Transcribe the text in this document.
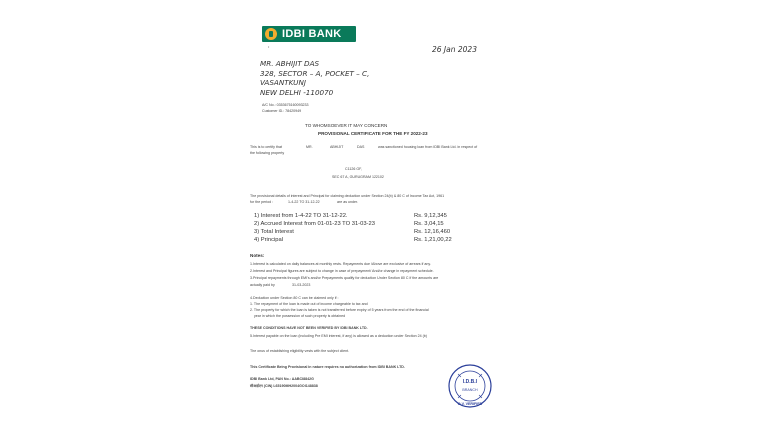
IDBI BANK
•	26 Jan 2023
MR. ABHIJIT DAS
328, SECTOR – A, POCKET – C,
VASANTKUNJ
NEW DELHI -110070
A/C No.: 0353675160093233
Customer ID.: 78420949
TO WHOMSOEVER IT MAY CONCERN
PROVISIONAL CERTIFICATE FOR THE FY 2022-23
This is to certify that	MR.	ABHIJIT	DAS	was sanctioned housing loan from IDBI Bank Ltd. in respect of
the following property
C1126 GF,
SEC 67 A, GURUGRAM 122102
The provisional details of interest and Principal for claiming deduction under Section 24(b) & 80 C of Income Tax Act, 1961
for the period :	1-4-22 TO 31-12-22	are as under.
1) Interest from 1-4-22 TO 31-12-22.	Rs. 9,12,345
2) Accrued Interest from 01-01-23 TO 31-03-23	Rs. 3,04,15
3) Total Interest	Rs. 12,16,460
4) Principal	Rs. 1,21,00,22
Notes:
1.Interest is calculated on daily balances at monthly rests. Repayments due /Above are exclusive of arrears if any.
2.Interest and Principal figures are subject to change in case of prepayment/ And/or change in repayment schedule.
3.Principal repayments through EMI's and/or Prepayments qualify for deduction Under Section 80 C if the amounts are
actually paid by	31-03-2023
4.Deduction under Section 80 C can be claimed only if :
1. The repayment of the loan is made out of income chargeable to tax and
2. The property for which the loan is taken is not transferred before expiry of 5 years from the end of the financial
year in which the possession of such property is obtained
THESE CONDITIONS HAVE NOT BEEN VERIFIED BY IDBI BANK LTD.
5.Interest payable on the loan (including Pre EMI interest, if any) is allowed as a deduction under Section 24 (b)
The onus of establishing eligibility vests with the subject client.
This Certificate Being Provisional in nature requires no authorization from IDBI BANK LTD.
IDBI Bank Ltd, PAN No.: AABCI8842G
सीआईएन (CIN) L65190MH2004GOI148838
I.D.B.I
BRANCH
O.V. VERIFIED
